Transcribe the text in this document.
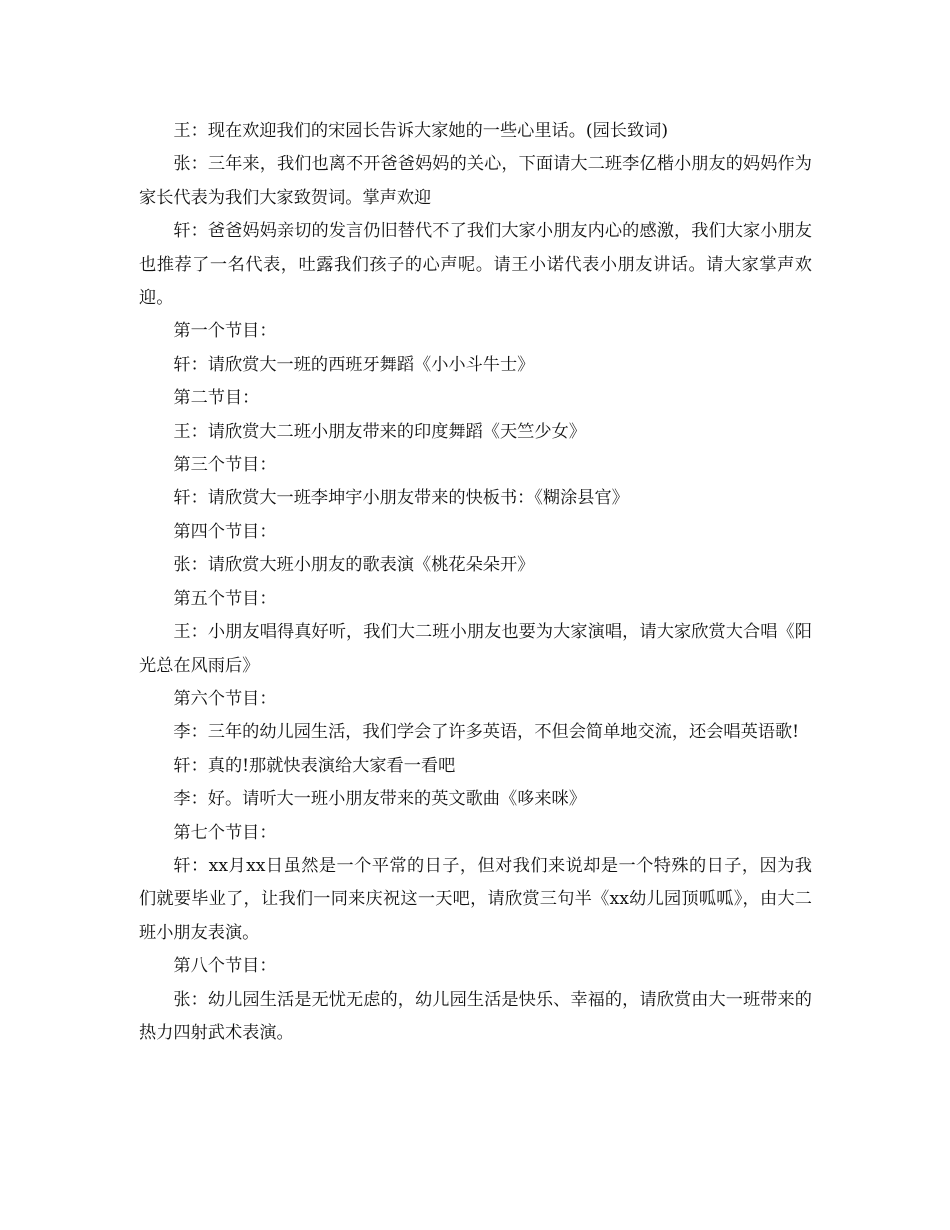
王：现在欢迎我们的宋园长告诉大家她的一些心里话。(园长致词)

张：三年来，我们也离不开爸爸妈妈的关心，下面请大二班李亿楷小朋友的妈妈作为家长代表为我们大家致贺词。掌声欢迎

轩：爸爸妈妈亲切的发言仍旧替代不了我们大家小朋友内心的感激，我们大家小朋友也推荐了一名代表，吐露我们孩子的心声呢。请王小诺代表小朋友讲话。请大家掌声欢迎。

第一个节目：

轩：请欣赏大一班的西班牙舞蹈《小小斗牛士》

第二节目：

王：请欣赏大二班小朋友带来的印度舞蹈《天竺少女》

第三个节目：

轩：请欣赏大一班李坤宇小朋友带来的快板书：《糊涂县官》

第四个节目：

张：请欣赏大班小朋友的歌表演《桃花朵朵开》

第五个节目：

王：小朋友唱得真好听，我们大二班小朋友也要为大家演唱，请大家欣赏大合唱《阳光总在风雨后》

第六个节目：

李：三年的幼儿园生活，我们学会了许多英语，不但会简单地交流，还会唱英语歌!

轩：真的!那就快表演给大家看一看吧

李：好。请听大一班小朋友带来的英文歌曲《哆来咪》

第七个节目：

轩：xx月xx日虽然是一个平常的日子，但对我们来说却是一个特殊的日子，因为我们就要毕业了，让我们一同来庆祝这一天吧，请欣赏三句半《xx幼儿园顶呱呱》，由大二班小朋友表演。

第八个节目：

张：幼儿园生活是无忧无虑的，幼儿园生活是快乐、幸福的，请欣赏由大一班带来的热力四射武术表演。
